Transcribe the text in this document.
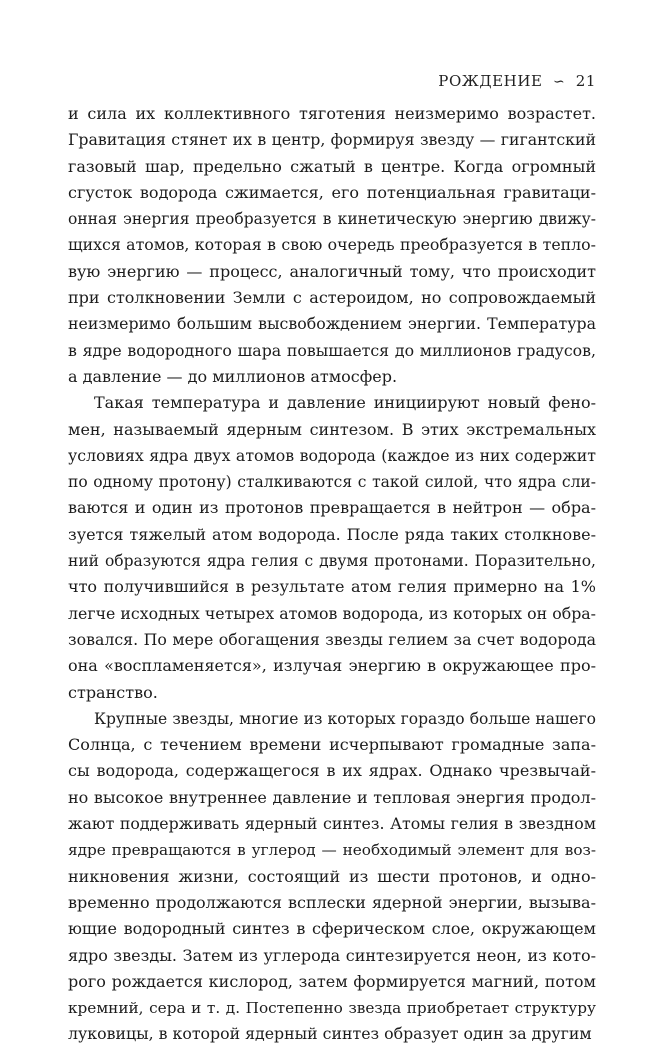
РОЖДЕНИЕ ∽ 21
и сила их коллективного тяготения неизмеримо возрастет.
Гравитация стянет их в центр, формируя звезду — гигантский
газовый шар, предельно сжатый в центре. Когда огромный
сгусток водорода сжимается, его потенциальная гравитаци-
онная энергия преобразуется в кинетическую энергию движу-
щихся атомов, которая в свою очередь преобразуется в тепло-
вую энергию — процесс, аналогичный тому, что происходит
при столкновении Земли с астероидом, но сопровождаемый
неизмеримо большим высвобождением энергии. Температура
в ядре водородного шара повышается до миллионов градусов,
а давление — до миллионов атмосфер.
Такая температура и давление инициируют новый фено-
мен, называемый ядерным синтезом. В этих экстремальных
условиях ядра двух атомов водорода (каждое из них содержит
по одному протону) сталкиваются с такой силой, что ядра сли-
ваются и один из протонов превращается в нейтрон — обра-
зуется тяжелый атом водорода. После ряда таких столкнове-
ний образуются ядра гелия с двумя протонами. Поразительно,
что получившийся в результате атом гелия примерно на 1%
легче исходных четырех атомов водорода, из которых он обра-
зовался. По мере обогащения звезды гелием за счет водорода
она «воспламеняется», излучая энергию в окружающее про-
странство.
Крупные звезды, многие из которых гораздо больше нашего
Солнца, с течением времени исчерпывают громадные запа-
сы водорода, содержащегося в их ядрах. Однако чрезвычай-
но высокое внутреннее давление и тепловая энергия продол-
жают поддерживать ядерный синтез. Атомы гелия в звездном
ядре превращаются в углерод — необходимый элемент для воз-
никновения жизни, состоящий из шести протонов, и одно-
временно продолжаются всплески ядерной энергии, вызыва-
ющие водородный синтез в сферическом слое, окружающем
ядро звезды. Затем из углерода синтезируется неон, из кото-
рого рождается кислород, затем формируется магний, потом
кремний, сера и т. д. Постепенно звезда приобретает структуру
луковицы, в которой ядерный синтез образует один за другим
